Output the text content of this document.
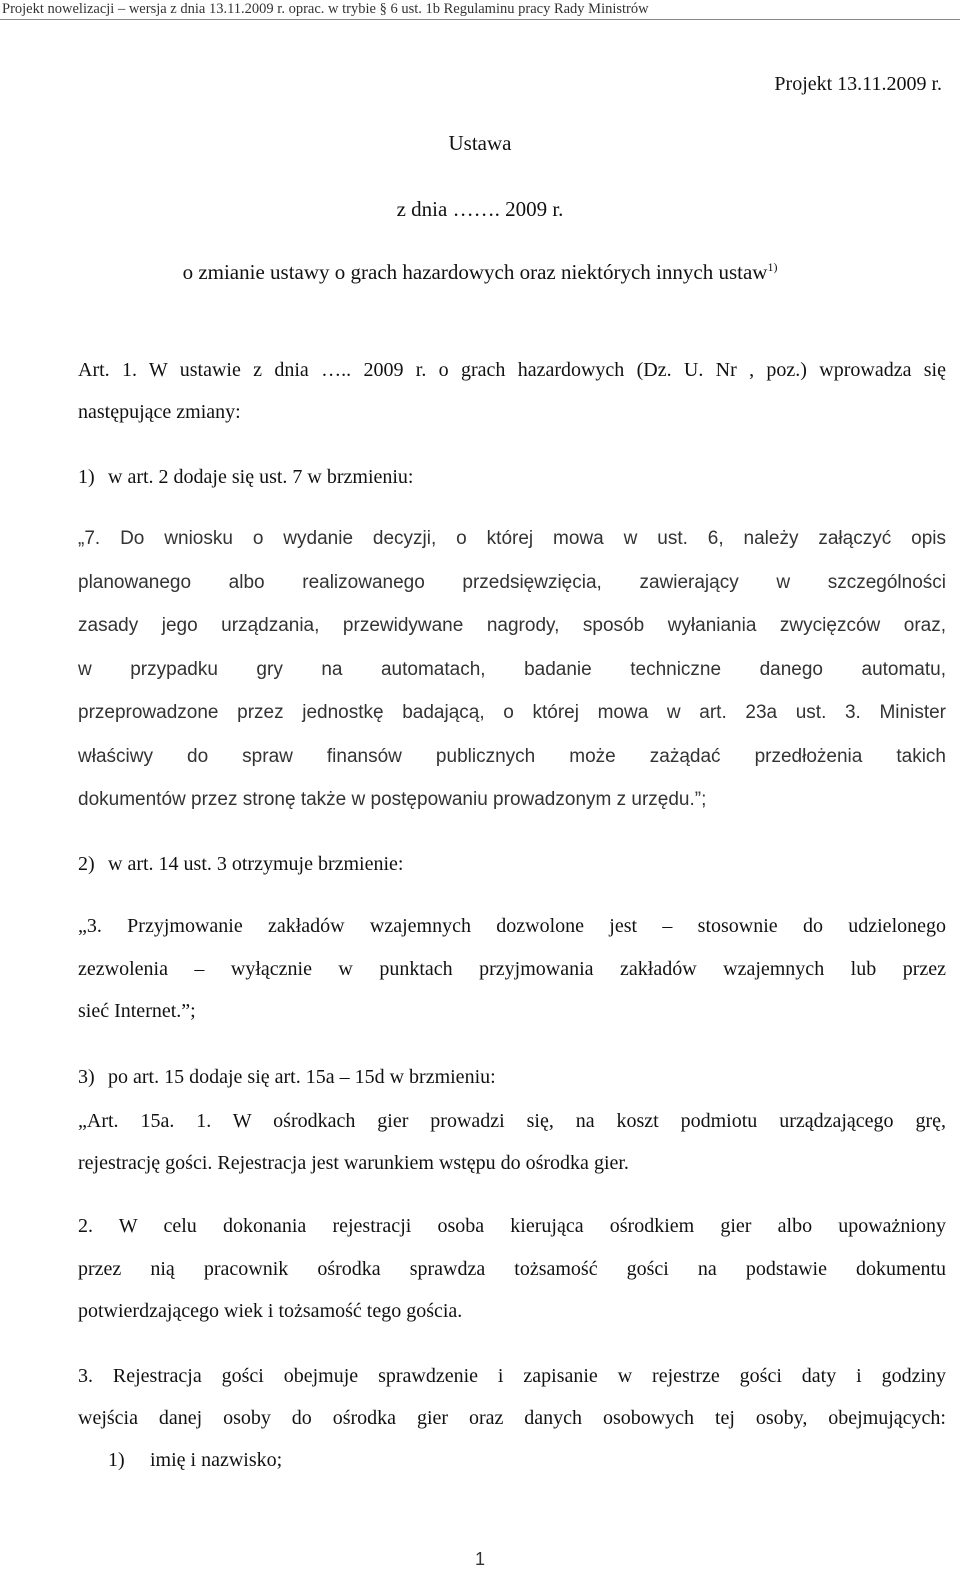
Projekt nowelizacji – wersja z dnia 13.11.2009 r. oprac. w trybie § 6 ust. 1b Regulaminu pracy Rady Ministrów
Projekt 13.11.2009 r.
Ustawa
z dnia ……. 2009 r.
o zmianie ustawy o grach hazardowych oraz niektórych innych ustaw$^{1)}$
Art. 1. W ustawie z dnia ….. 2009 r. o grach hazardowych (Dz. U. Nr , poz.) wprowadza się
następujące zmiany:
1) w art. 2 dodaje się ust. 7 w brzmieniu:
„7. Do wniosku o wydanie decyzji, o której mowa w ust. 6, należy załączyć opis
planowanego albo realizowanego przedsięwzięcia, zawierający w szczególności
zasady jego urządzania, przewidywane nagrody, sposób wyłaniania zwycięzców oraz,
w przypadku gry na automatach, badanie techniczne danego automatu,
przeprowadzone przez jednostkę badającą, o której mowa w art. 23a ust. 3. Minister
właściwy do spraw finansów publicznych może zażądać przedłożenia takich
dokumentów przez stronę także w postępowaniu prowadzonym z urzędu.”;
2) w art. 14 ust. 3 otrzymuje brzmienie:
„3. Przyjmowanie zakładów wzajemnych dozwolone jest – stosownie do udzielonego
zezwolenia – wyłącznie w punktach przyjmowania zakładów wzajemnych lub przez
sieć Internet.”;
3) po art. 15 dodaje się art. 15a – 15d w brzmieniu:
„Art. 15a. 1. W ośrodkach gier prowadzi się, na koszt podmiotu urządzającego grę,
rejestrację gości. Rejestracja jest warunkiem wstępu do ośrodka gier.
2. W celu dokonania rejestracji osoba kierująca ośrodkiem gier albo upoważniony
przez nią pracownik ośrodka sprawdza tożsamość gości na podstawie dokumentu
potwierdzającego wiek i tożsamość tego gościa.
3. Rejestracja gości obejmuje sprawdzenie i zapisanie w rejestrze gości daty i godziny
wejścia danej osoby do ośrodka gier oraz danych osobowych tej osoby, obejmujących:
1) imię i nazwisko;
1
